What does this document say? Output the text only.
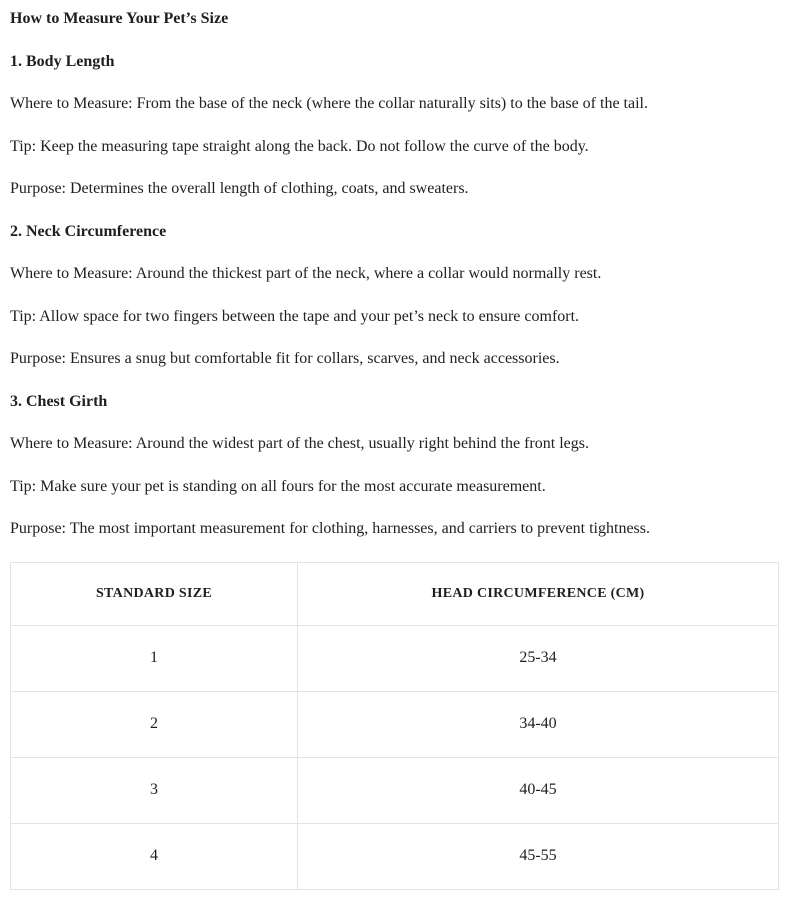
How to Measure Your Pet’s Size

1. Body Length

Where to Measure: From the base of the neck (where the collar naturally sits) to the base of the tail.

Tip: Keep the measuring tape straight along the back. Do not follow the curve of the body.

Purpose: Determines the overall length of clothing, coats, and sweaters.

2. Neck Circumference

Where to Measure: Around the thickest part of the neck, where a collar would normally rest.

Tip: Allow space for two fingers between the tape and your pet’s neck to ensure comfort.

Purpose: Ensures a snug but comfortable fit for collars, scarves, and neck accessories.

3. Chest Girth

Where to Measure: Around the widest part of the chest, usually right behind the front legs.

Tip: Make sure your pet is standing on all fours for the most accurate measurement.

Purpose: The most important measurement for clothing, harnesses, and carriers to prevent tightness.

STANDARD SIZE	HEAD CIRCUMFERENCE (CM)
1	25-34
2	34-40
3	40-45
4	45-55
